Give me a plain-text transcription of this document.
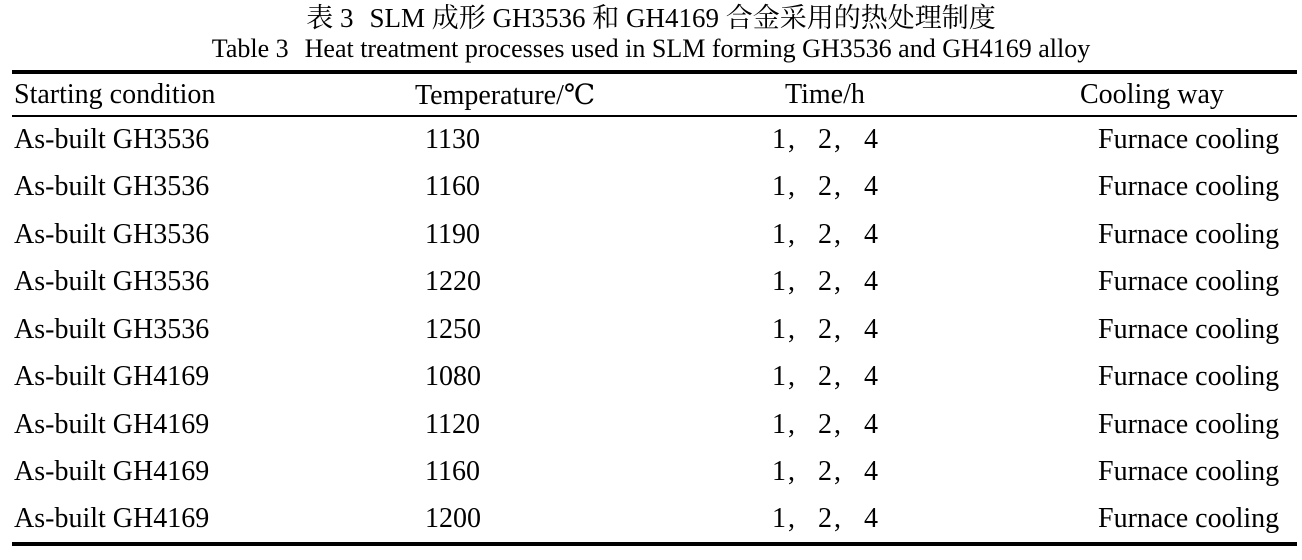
表 3 SLM 成形 GH3536 和 GH4169 合金采用的热处理制度
Table 3 Heat treatment processes used in SLM forming GH3536 and GH4169 alloy
Starting condition	Temperature/℃	Time/h	Cooling way
As-built GH3536	1130	1, 2, 4	Furnace cooling
As-built GH3536	1160	1, 2, 4	Furnace cooling
As-built GH3536	1190	1, 2, 4	Furnace cooling
As-built GH3536	1220	1, 2, 4	Furnace cooling
As-built GH3536	1250	1, 2, 4	Furnace cooling
As-built GH4169	1080	1, 2, 4	Furnace cooling
As-built GH4169	1120	1, 2, 4	Furnace cooling
As-built GH4169	1160	1, 2, 4	Furnace cooling
As-built GH4169	1200	1, 2, 4	Furnace cooling
